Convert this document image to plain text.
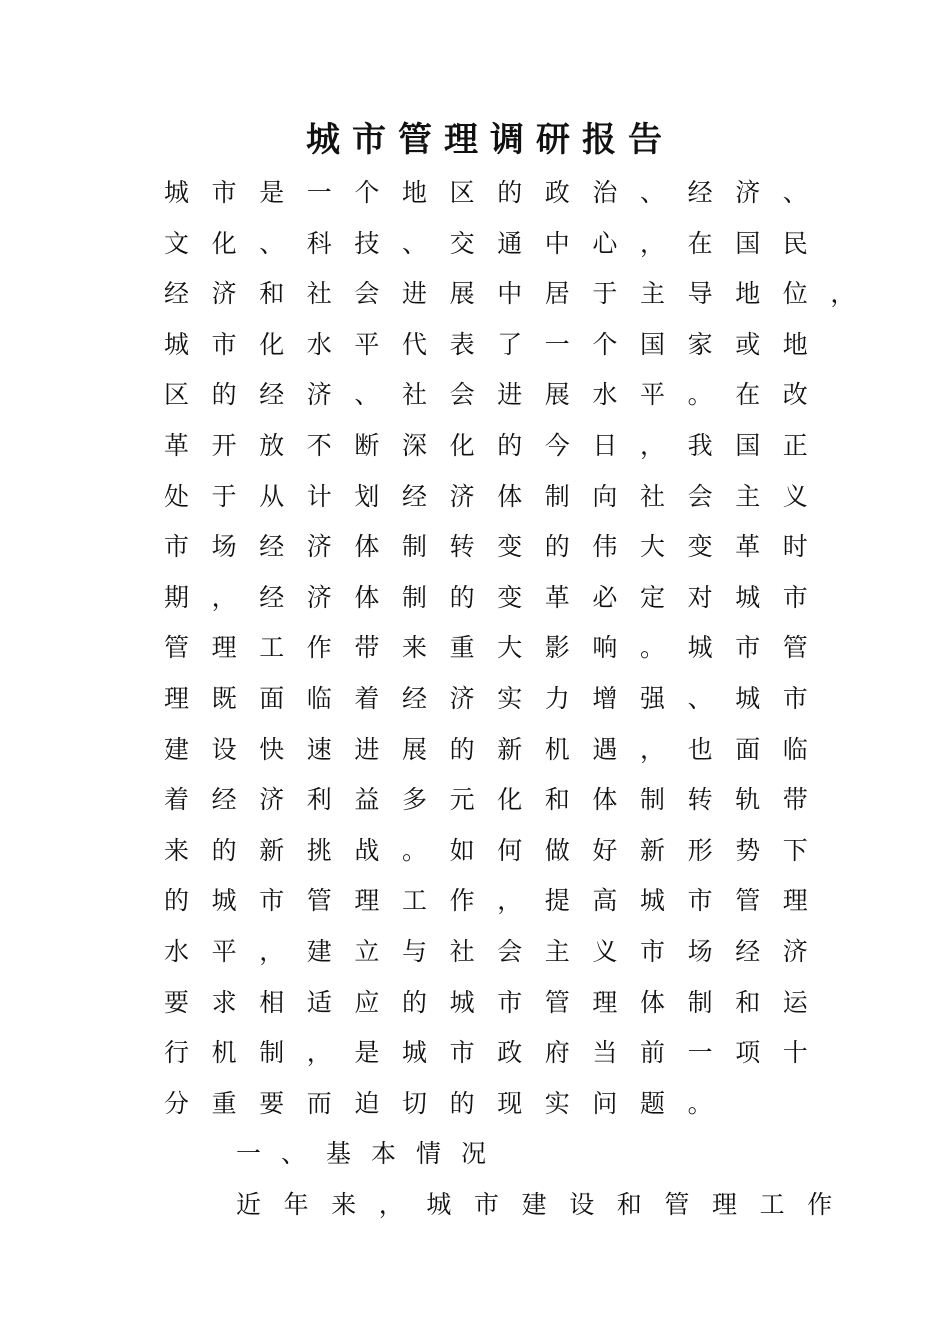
城市管理调研报告
城市是一个地区的政治、经济、
文化、科技、交通中心，在国民
经济和社会进展中居于主导地位，
城市化水平代表了一个国家或地
区的经济、社会进展水平。在改
革开放不断深化的今日，我国正
处于从计划经济体制向社会主义
市场经济体制转变的伟大变革时
期，经济体制的变革必定对城市
管理工作带来重大影响。城市管
理既面临着经济实力增强、城市
建设快速进展的新机遇，也面临
着经济利益多元化和体制转轨带
来的新挑战。如何做好新形势下
的城市管理工作，提高城市管理
水平，建立与社会主义市场经济
要求相适应的城市管理体制和运
行机制，是城市政府当前一项十
分重要而迫切的现实问题。
一、基本情况
近年来，城市建设和管理工作
